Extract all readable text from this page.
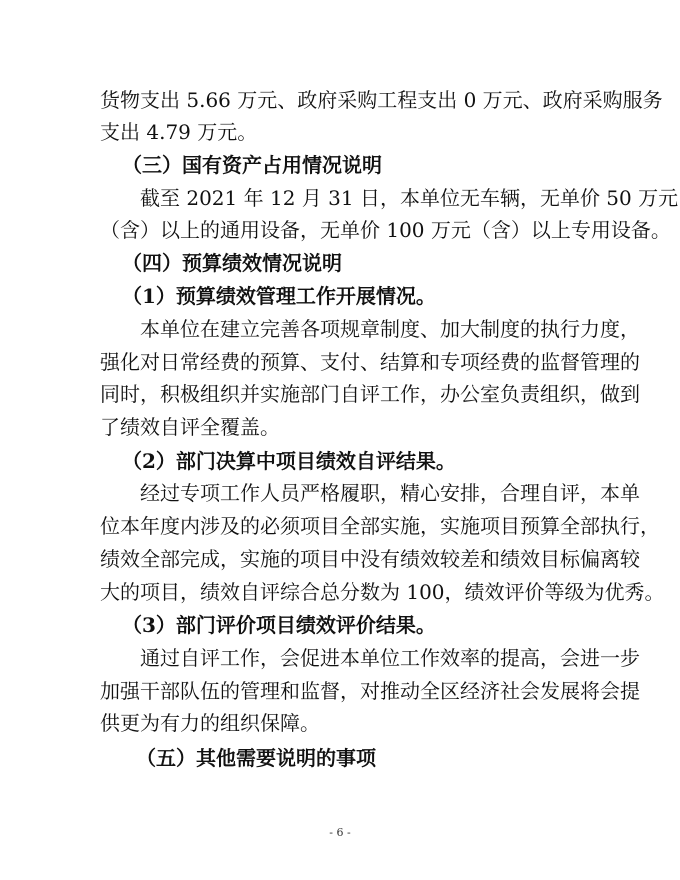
货物支出 5.66 万元、政府采购工程支出 0 万元、政府采购服务
支出 4.79 万元。
（三）国有资产占用情况说明
截至 2021 年 12 月 31 日，本单位无车辆，无单价 50 万元
（含）以上的通用设备，无单价 100 万元（含）以上专用设备。
（四）预算绩效情况说明
（1）预算绩效管理工作开展情况。
本单位在建立完善各项规章制度、加大制度的执行力度，
强化对日常经费的预算、支付、结算和专项经费的监督管理的
同时，积极组织并实施部门自评工作，办公室负责组织，做到
了绩效自评全覆盖。
（2）部门决算中项目绩效自评结果。
经过专项工作人员严格履职，精心安排，合理自评，本单
位本年度内涉及的必须项目全部实施，实施项目预算全部执行，
绩效全部完成，实施的项目中没有绩效较差和绩效目标偏离较
大的项目，绩效自评综合总分数为 100，绩效评价等级为优秀。
（3）部门评价项目绩效评价结果。
通过自评工作，会促进本单位工作效率的提高，会进一步
加强干部队伍的管理和监督，对推动全区经济社会发展将会提
供更为有力的组织保障。
（五）其他需要说明的事项
- 6 -
